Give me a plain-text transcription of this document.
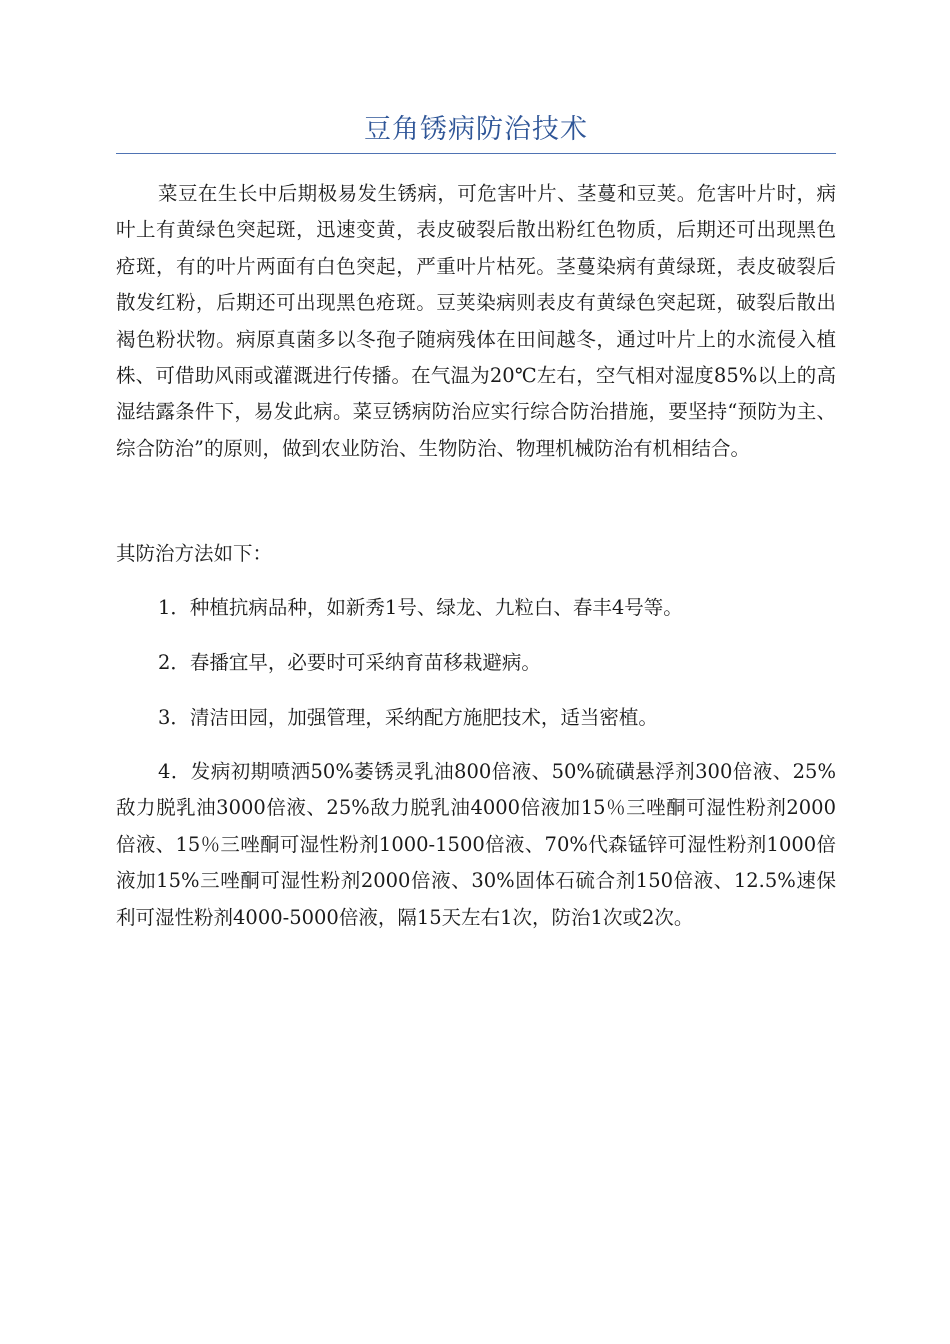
豆角锈病防治技术

菜豆在生长中后期极易发生锈病，可危害叶片、茎蔓和豆荚。危害叶片时，病叶上有黄绿色突起斑，迅速变黄，表皮破裂后散出粉红色物质，后期还可出现黑色疮斑，有的叶片两面有白色突起，严重叶片枯死。茎蔓染病有黄绿斑，表皮破裂后散发红粉，后期还可出现黑色疮斑。豆荚染病则表皮有黄绿色突起斑，破裂后散出褐色粉状物。病原真菌多以冬孢子随病残体在田间越冬，通过叶片上的水流侵入植株、可借助风雨或灌溉进行传播。在气温为20℃左右，空气相对湿度85%以上的高湿结露条件下，易发此病。菜豆锈病防治应实行综合防治措施，要坚持“预防为主、综合防治”的原则，做到农业防治、生物防治、物理机械防治有机相结合。

其防治方法如下：

1．种植抗病品种，如新秀1号、绿龙、九粒白、春丰4号等。

2．春播宜早，必要时可采纳育苗移栽避病。

3．清洁田园，加强管理，采纳配方施肥技术，适当密植。

4．发病初期喷洒50%萎锈灵乳油800倍液、50%硫磺悬浮剂300倍液、25%敌力脱乳油3000倍液、25%敌力脱乳油4000倍液加15％三唑酮可湿性粉剂2000倍液、15％三唑酮可湿性粉剂1000-1500倍液、70%代森锰锌可湿性粉剂1000倍液加15%三唑酮可湿性粉剂2000倍液、30%固体石硫合剂150倍液、12.5%速保利可湿性粉剂4000-5000倍液，隔15天左右1次，防治1次或2次。
